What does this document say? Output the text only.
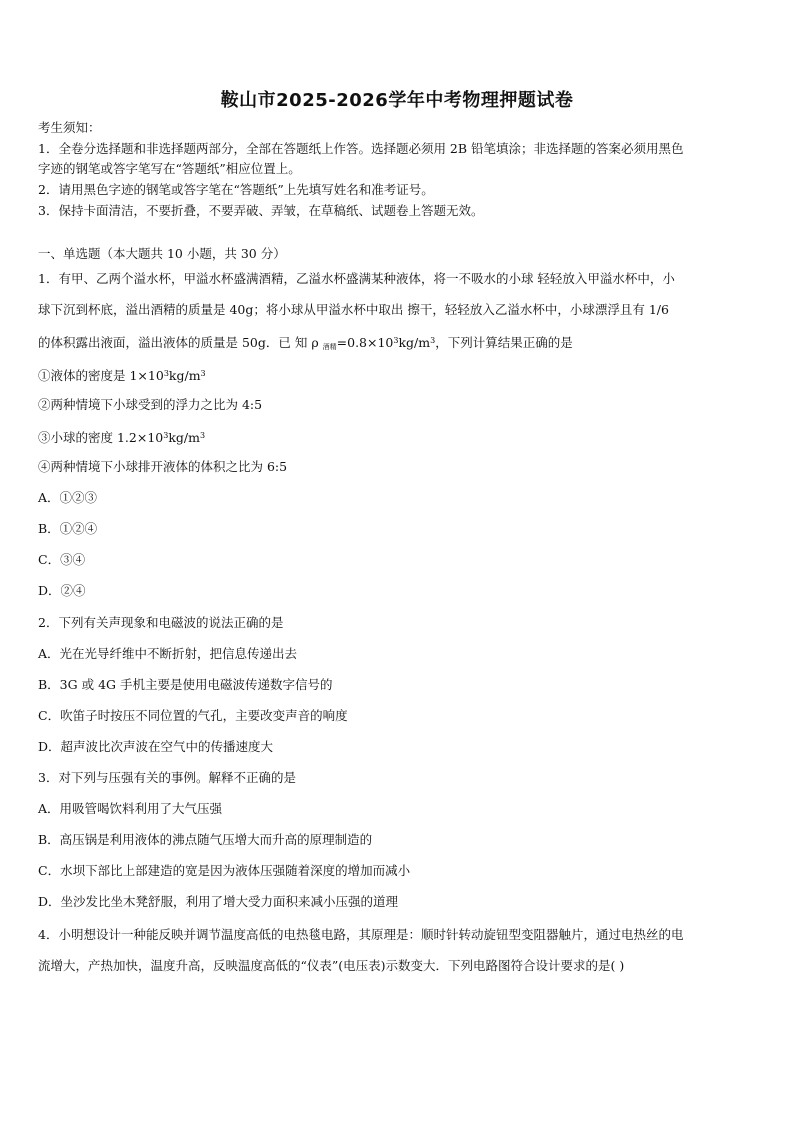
鞍山市2025-2026学年中考物理押题试卷
考生须知：
1．全卷分选择题和非选择题两部分，全部在答题纸上作答。选择题必须用 2B 铅笔填涂；非选择题的答案必须用黑色
字迹的钢笔或答字笔写在“答题纸”相应位置上。
2．请用黑色字迹的钢笔或答字笔在“答题纸”上先填写姓名和准考证号。
3．保持卡面清洁，不要折叠，不要弄破、弄皱，在草稿纸、试题卷上答题无效。
一、单选题（本大题共 10 小题，共 30 分）
1．有甲、乙两个溢水杯，甲溢水杯盛满酒精，乙溢水杯盛满某种液体，将一不吸水的小球 轻轻放入甲溢水杯中，小
球下沉到杯底，溢出酒精的质量是 40g；将小球从甲溢水杯中取出 擦干，轻轻放入乙溢水杯中，小球漂浮且有 1/6
的体积露出液面，溢出液体的质量是 50g．已 知 ρ $_{酒精}=0.8\times 10^3kg/m^3$，下列计算结果正确的是
①液体的密度是 $1\times 10^3kg/m^3$
②两种情境下小球受到的浮力之比为 4:5
③小球的密度 $1.2\times 10^3kg/m^3$
④两种情境下小球排开液体的体积之比为 6:5
A．①②③
B．①②④
C．③④
D．②④
2．下列有关声现象和电磁波的说法正确的是
A．光在光导纤维中不断折射，把信息传递出去
B．3G 或 4G 手机主要是使用电磁波传递数字信号的
C．吹笛子时按压不同位置的气孔，主要改变声音的响度
D．超声波比次声波在空气中的传播速度大
3．对下列与压强有关的事例。解释不正确的是
A．用吸管喝饮料利用了大气压强
B．高压锅是利用液体的沸点随气压增大而升高的原理制造的
C．水坝下部比上部建造的宽是因为液体压强随着深度的增加而减小
D．坐沙发比坐木凳舒服，利用了增大受力面积来减小压强的道理
4．小明想设计一种能反映并调节温度高低的电热毯电路，其原理是：顺时针转动旋钮型变阻器触片，通过电热丝的电
流增大，产热加快，温度升高，反映温度高低的“仪表”(电压表)示数变大．下列电路图符合设计要求的是( )
